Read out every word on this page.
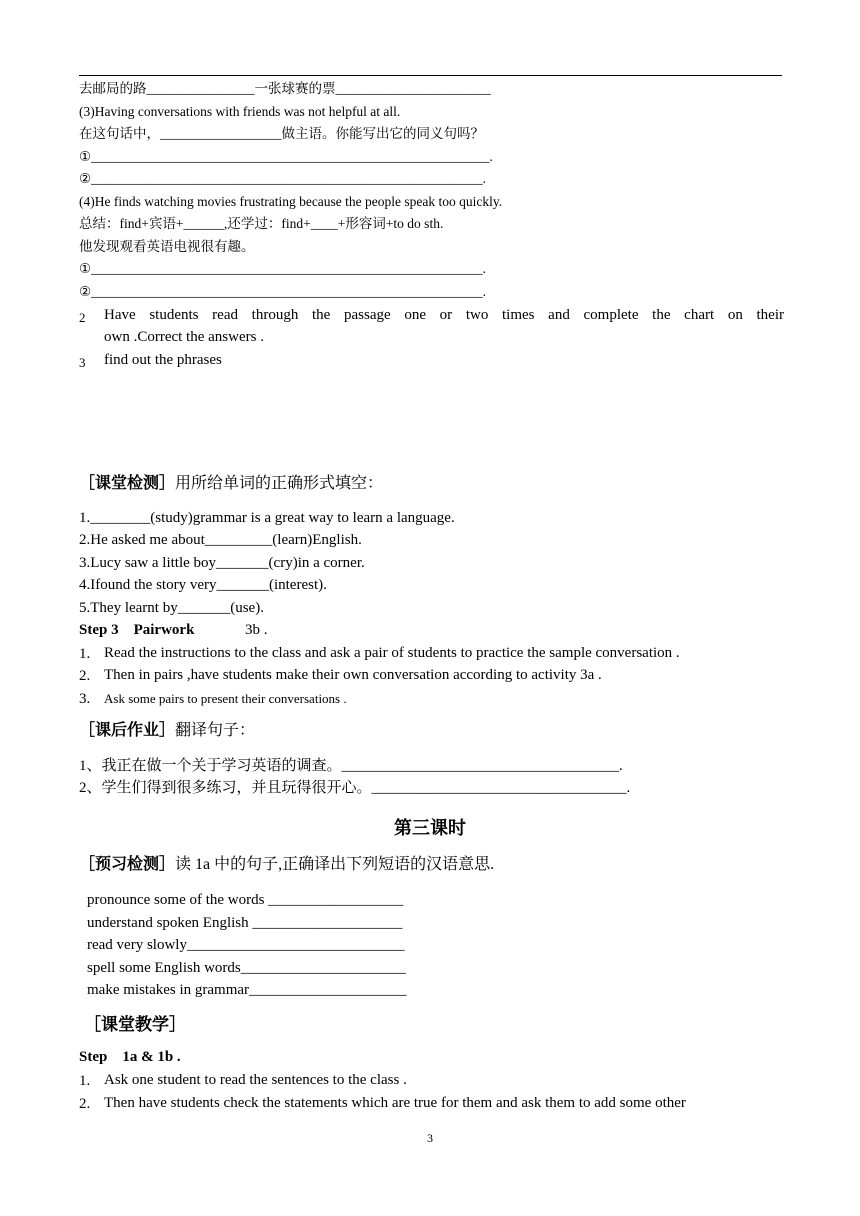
去邮局的路________________一张球赛的票_______________________
(3)Having conversations with friends was not helpful at all.
在这句话中，__________________做主语。你能写出它的同义句吗？
①___________________________________________________________.
②__________________________________________________________.
(4)He finds watching movies frustrating because the people speak too quickly.
总结：find+宾语+______,还学过：find+____+形容词+to do sth.
他发现观看英语电视很有趣。
①__________________________________________________________.
②__________________________________________________________.
2 Have students read through the passage one or two times and complete the chart on their
own .Correct the answers .
3 find out the phrases
［课堂检测］用所给单词的正确形式填空：
1.________(study)grammar is a great way to learn a language.
2.He asked me about_________(learn)English.
3.Lucy saw a little boy_______(cry)in a corner.
4.Ifound the story very_______(interest).
5.They learnt by_______(use).
Step 3    Pairwork	3b .
1. Read the instructions to the class and ask a pair of students to practice the sample conversation .
2. Then in pairs ,have students make their own conversation according to activity 3a .
3. Ask some pairs to present their conversations .
［课后作业］翻译句子：
1、我正在做一个关于学习英语的调查。_____________________________________.
2、学生们得到很多练习，并且玩得很开心。__________________________________.
第三课时
［预习检测］读 1a 中的句子,正确译出下列短语的汉语意思.
pronounce some of the words __________________
understand spoken English ____________________
read very slowly_____________________________
spell some English words______________________
make mistakes in grammar_____________________
［课堂教学］
Step    1a & 1b .
1. Ask one student to read the sentences to the class .
2. Then have students check the statements which are true for them and ask them to add some other
3
